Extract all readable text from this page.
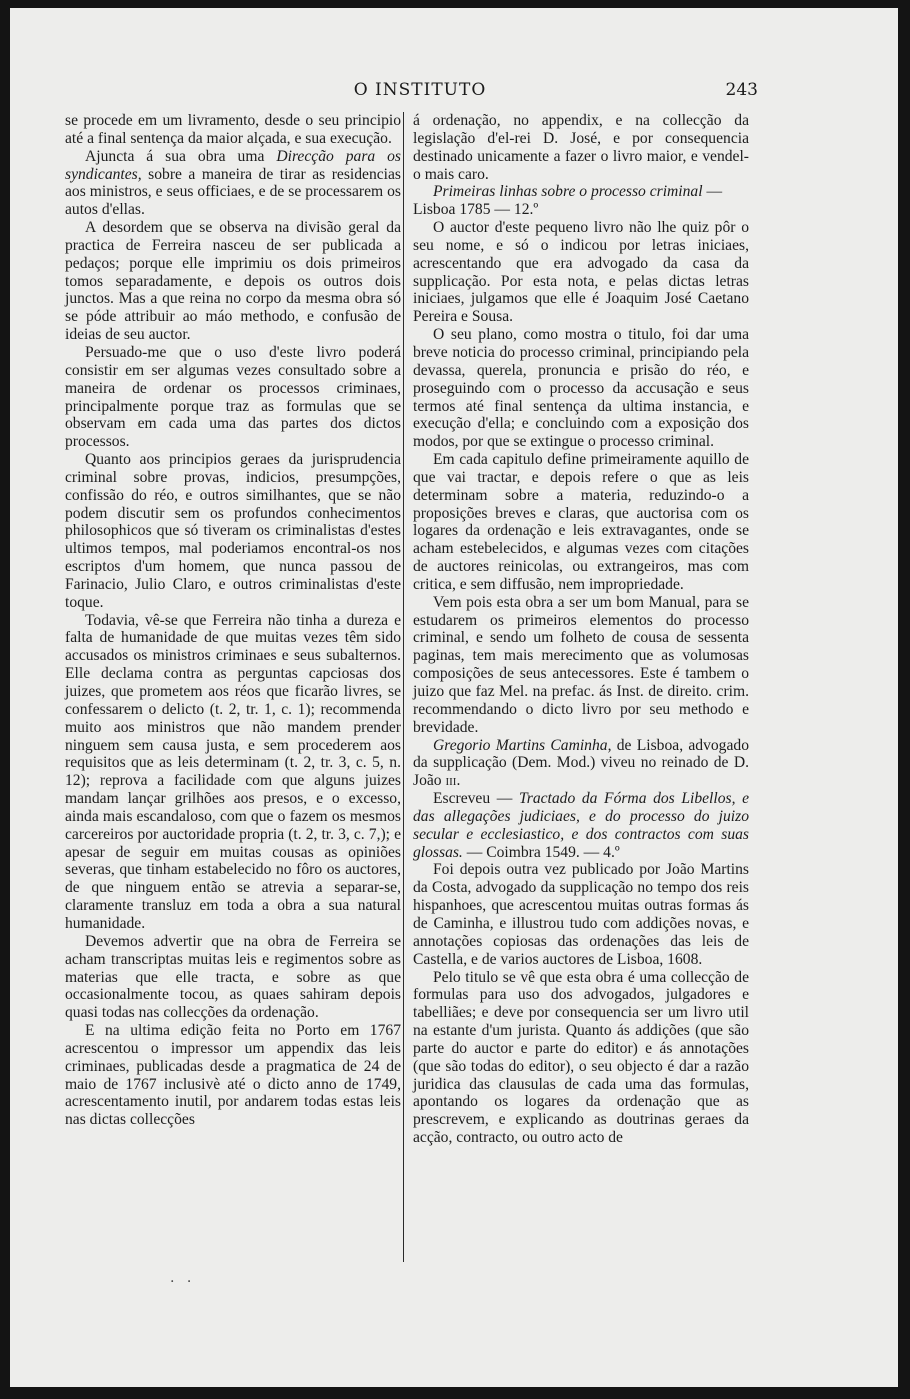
O INSTITUTO	243

se procede em um livramento, desde o seu principio até a final sentença da maior alçada, e sua execução.

Ajuncta á sua obra uma Direcção para os syndicantes, sobre a maneira de tirar as residencias aos ministros, e seus officiaes, e de se processarem os autos d'ellas.

A desordem que se observa na divisão geral da practica de Ferreira nasceu de ser publicada a pedaços; porque elle imprimiu os dois primeiros tomos separadamente, e depois os outros dois junctos. Mas a que reina no corpo da mesma obra só se póde attribuir ao máo methodo, e confusão de ideias de seu auctor.

Persuado-me que o uso d'este livro poderá consistir em ser algumas vezes consultado sobre a maneira de ordenar os processos criminaes, principalmente porque traz as formulas que se observam em cada uma das partes dos dictos processos.

Quanto aos principios geraes da jurisprudencia criminal sobre provas, indicios, presumpções, confissão do réo, e outros similhantes, que se não podem discutir sem os profundos conhecimentos philosophicos que só tiveram os criminalistas d'estes ultimos tempos, mal poderiamos encontral-os nos escriptos d'um homem, que nunca passou de Farinacio, Julio Claro, e outros criminalistas d'este toque.

Todavia, vê-se que Ferreira não tinha a dureza e falta de humanidade de que muitas vezes têm sido accusados os ministros criminaes e seus subalternos. Elle declama contra as perguntas capciosas dos juizes, que prometem aos réos que ficarão livres, se confessarem o delicto (t. 2, tr. 1, c. 1); recommenda muito aos ministros que não mandem prender ninguem sem causa justa, e sem procederem aos requisitos que as leis determinam (t. 2, tr. 3, c. 5, n. 12); reprova a facilidade com que alguns juizes mandam lançar grilhões aos presos, e o excesso, ainda mais escandaloso, com que o fazem os mesmos carcereiros por auctoridade propria (t. 2, tr. 3, c. 7,); e apesar de seguir em muitas cousas as opiniões severas, que tinham estabelecido no fôro os auctores, de que ninguem então se atrevia a separar-se, claramente transluz em toda a obra a sua natural humanidade.

Devemos advertir que na obra de Ferreira se acham transcriptas muitas leis e regimentos sobre as materias que elle tracta, e sobre as que occasionalmente tocou, as quaes sahiram depois quasi todas nas collecções da ordenação.

E na ultima edição feita no Porto em 1767 acrescentou o impressor um appendix das leis criminaes, publicadas desde a pragmatica de 24 de maio de 1767 inclusivè até o dicto anno de 1749, acrescentamento inutil, por andarem todas estas leis nas dictas collecções

á ordenação, no appendix, e na collecção da legislação d'el-rei D. José, e por consequencia destinado unicamente a fazer o livro maior, e vendel-o mais caro.

Primeiras linhas sobre o processo criminal — Lisboa 1785 — 12.º

O auctor d'este pequeno livro não lhe quiz pôr o seu nome, e só o indicou por letras iniciaes, acrescentando que era advogado da casa da supplicação. Por esta nota, e pelas dictas letras iniciaes, julgamos que elle é Joaquim José Caetano Pereira e Sousa.

O seu plano, como mostra o titulo, foi dar uma breve noticia do processo criminal, principiando pela devassa, querela, pronuncia e prisão do réo, e proseguindo com o processo da accusação e seus termos até final sentença da ultima instancia, e execução d'ella; e concluindo com a exposição dos modos, por que se extingue o processo criminal.

Em cada capitulo define primeiramente aquillo de que vai tractar, e depois refere o que as leis determinam sobre a materia, reduzindo-o a proposições breves e claras, que auctorisa com os logares da ordenação e leis extravagantes, onde se acham estebelecidos, e algumas vezes com citações de auctores reinicolas, ou extrangeiros, mas com critica, e sem diffusão, nem impropriedade.

Vem pois esta obra a ser um bom Manual, para se estudarem os primeiros elementos do processo criminal, e sendo um folheto de cousa de sessenta paginas, tem mais merecimento que as volumosas composições de seus antecessores. Este é tambem o juizo que faz Mel. na prefac. ás Inst. de direito. crim. recommendando o dicto livro por seu methodo e brevidade.

Gregorio Martins Caminha, de Lisboa, advogado da supplicação (Dem. Mod.) viveu no reinado de D. João iii.

Escreveu — Tractado da Fórma dos Libellos, e das allegações judiciaes, e do processo do juizo secular e ecclesiastico, e dos contractos com suas glossas. — Coimbra 1549. — 4.º

Foi depois outra vez publicado por João Martins da Costa, advogado da supplicação no tempo dos reis hispanhoes, que acrescentou muitas outras formas ás de Caminha, e illustrou tudo com addições novas, e annotações copiosas das ordenações das leis de Castella, e de varios auctores de Lisboa, 1608.

Pelo titulo se vê que esta obra é uma collecção de formulas para uso dos advogados, julgadores e tabelliães; e deve por consequencia ser um livro util na estante d'um jurista. Quanto ás addições (que são parte do auctor e parte do editor) e ás annotações (que são todas do editor), o seu objecto é dar a razão juridica das clausulas de cada uma das formulas, apontando os logares da ordenação que as prescrevem, e explicando as doutrinas geraes da acção, contracto, ou outro acto de

. .
